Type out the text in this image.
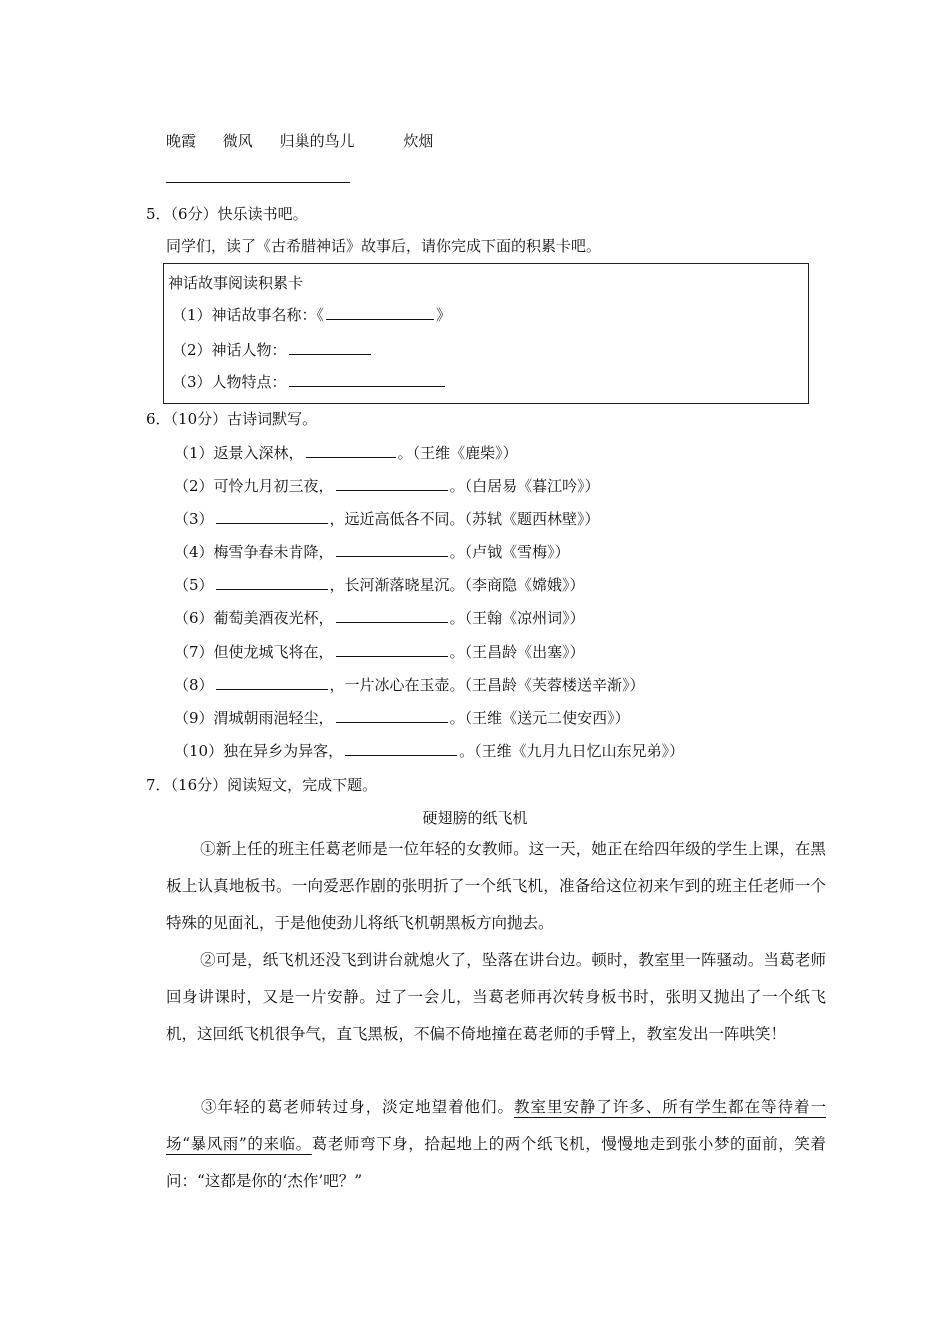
晚霞 微风 归巢的鸟儿	炊烟
5．（6分）快乐读书吧。
同学们，读了《古希腊神话》故事后，请你完成下面的积累卡吧。
神话故事阅读积累卡
（1）神话故事名称：《	》
（2）神话人物：
（3）人物特点：
6．（10分）古诗词默写。
（1）返景入深林，	。（王维《鹿柴》）
（2）可怜九月初三夜，	。（白居易《暮江吟》）
（3）	，远近高低各不同。（苏轼《题西林壁》）
（4）梅雪争春未肯降，	。（卢钺《雪梅》）
（5）	，长河渐落晓星沉。（李商隐《嫦娥》）
（6）葡萄美酒夜光杯，	。（王翰《凉州词》）
（7）但使龙城飞将在，	。（王昌龄《出塞》）
（8）	，一片冰心在玉壶。（王昌龄《芙蓉楼送辛渐》）
（9）渭城朝雨浥轻尘，	。（王维《送元二使安西》）
（10）独在异乡为异客，	。（王维《九月九日忆山东兄弟》）
7．（16分）阅读短文，完成下题。
硬翅膀的纸飞机
①新上任的班主任葛老师是一位年轻的女教师。这一天，她正在给四年级的学生上课，在黑板上认真地板书。一向爱恶作剧的张明折了一个纸飞机，准备给这位初来乍到的班主任老师一个特殊的见面礼，于是他使劲儿将纸飞机朝黑板方向抛去。
②可是，纸飞机还没飞到讲台就熄火了，坠落在讲台边。顿时，教室里一阵骚动。当葛老师回身讲课时，又是一片安静。过了一会儿，当葛老师再次转身板书时，张明又抛出了一个纸飞机，这回纸飞机很争气，直飞黑板，不偏不倚地撞在葛老师的手臂上，教室发出一阵哄笑！
③年轻的葛老师转过身，淡定地望着他们。教室里安静了许多、所有学生都在等待着一场“暴风雨”的来临。葛老师弯下身，拾起地上的两个纸飞机，慢慢地走到张小梦的面前，笑着问：“这都是你的‘杰作’吧？”
